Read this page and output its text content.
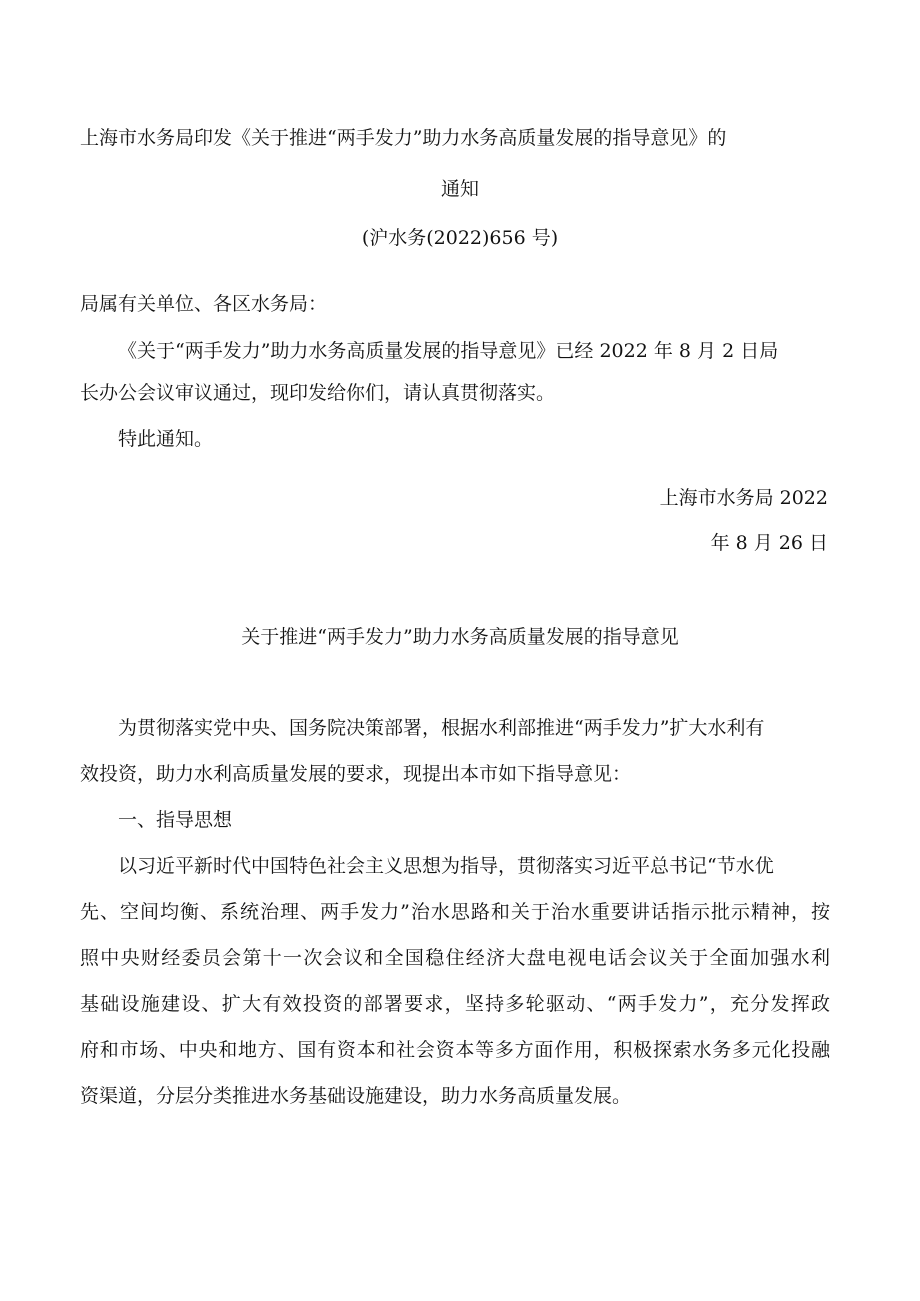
上海市水务局印发《关于推进“两手发力”助力水务高质量发展的指导意见》的
通知
(沪水务(2022)656 号)
局属有关单位、各区水务局：
《关于“两手发力”助力水务高质量发展的指导意见》已经 2022 年 8 月 2 日局
长办公会议审议通过，现印发给你们，请认真贯彻落实。
特此通知。
上海市水务局 2022
年 8 月 26 日
关于推进“两手发力”助力水务高质量发展的指导意见
为贯彻落实党中央、国务院决策部署，根据水利部推进“两手发力”扩大水利有
效投资，助力水利高质量发展的要求，现提出本市如下指导意见：
一、指导思想
以习近平新时代中国特色社会主义思想为指导，贯彻落实习近平总书记“节水优
先、空间均衡、系统治理、两手发力”治水思路和关于治水重要讲话指示批示精神，按
照中央财经委员会第十一次会议和全国稳住经济大盘电视电话会议关于全面加强水利
基础设施建设、扩大有效投资的部署要求，坚持多轮驱动、“两手发力”，充分发挥政
府和市场、中央和地方、国有资本和社会资本等多方面作用，积极探索水务多元化投融
资渠道，分层分类推进水务基础设施建设，助力水务高质量发展。
